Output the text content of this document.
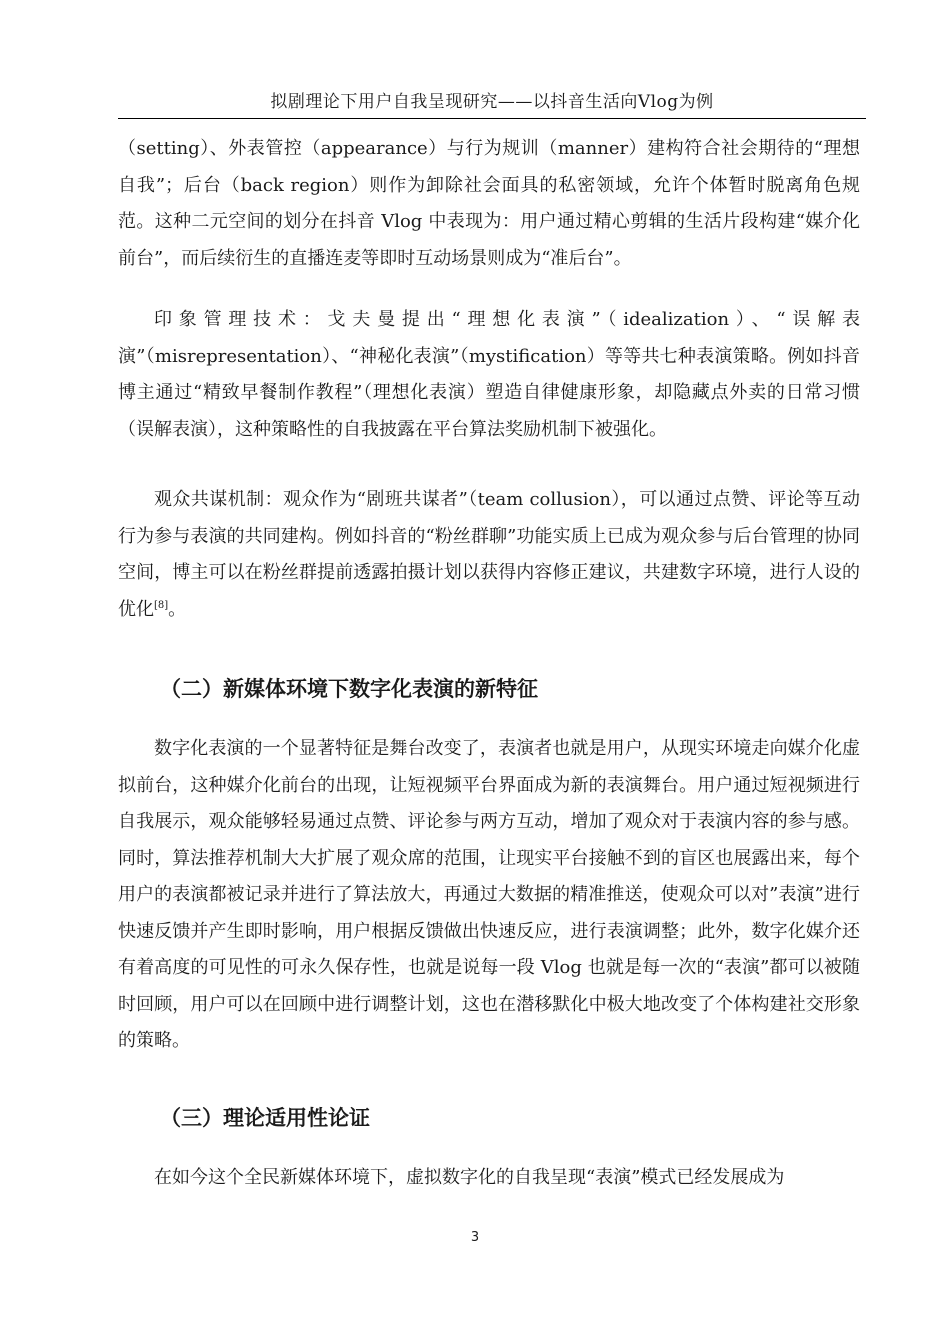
拟剧理论下用户自我呈现研究——以抖音生活向Vlog为例

（setting）、外表管控（appearance）与行为规训（manner）建构符合社会期待的“理想自我”；后台（back region）则作为卸除社会面具的私密领域，允许个体暂时脱离角色规范。这种二元空间的划分在抖音 Vlog 中表现为：用户通过精心剪辑的生活片段构建“媒介化前台”，而后续衍生的直播连麦等即时互动场景则成为“准后台”。

印象管理技术：戈夫曼提出“理想化表演”（idealization）、“误解表演”（misrepresentation）、“神秘化表演”（mystification）等等共七种表演策略。例如抖音博主通过“精致早餐制作教程”（理想化表演）塑造自律健康形象，却隐藏点外卖的日常习惯（误解表演），这种策略性的自我披露在平台算法奖励机制下被强化。

观众共谋机制：观众作为“剧班共谋者”（team collusion），可以通过点赞、评论等互动行为参与表演的共同建构。例如抖音的“粉丝群聊”功能实质上已成为观众参与后台管理的协同空间，博主可以在粉丝群提前透露拍摄计划以获得内容修正建议，共建数字环境，进行人设的优化[8]。

（二）新媒体环境下数字化表演的新特征

数字化表演的一个显著特征是舞台改变了，表演者也就是用户，从现实环境走向媒介化虚拟前台，这种媒介化前台的出现，让短视频平台界面成为新的表演舞台。用户通过短视频进行自我展示，观众能够轻易通过点赞、评论参与两方互动，增加了观众对于表演内容的参与感。同时，算法推荐机制大大扩展了观众席的范围，让现实平台接触不到的盲区也展露出来，每个用户的表演都被记录并进行了算法放大，再通过大数据的精准推送，使观众可以对”表演”进行快速反馈并产生即时影响，用户根据反馈做出快速反应，进行表演调整；此外，数字化媒介还有着高度的可见性的可永久保存性，也就是说每一段 Vlog 也就是每一次的“表演”都可以被随时回顾，用户可以在回顾中进行调整计划，这也在潜移默化中极大地改变了个体构建社交形象的策略。

（三）理论适用性论证

在如今这个全民新媒体环境下，虚拟数字化的自我呈现“表演”模式已经发展成为

3
